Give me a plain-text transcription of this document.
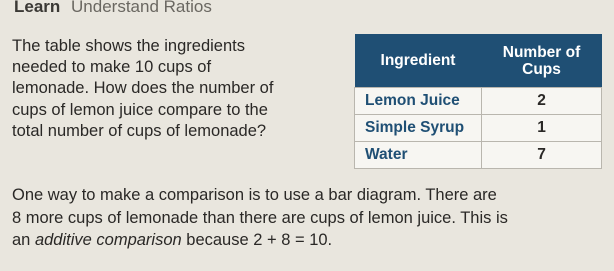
Learn Understand Ratios

The table shows the ingredients
needed to make 10 cups of
lemonade. How does the number of
cups of lemon juice compare to the
total number of cups of lemonade?

Ingredient	Number of
Cups
Lemon Juice	2
Simple Syrup	1
Water	7

One way to make a comparison is to use a bar diagram. There are
8 more cups of lemonade than there are cups of lemon juice. This is
an additive comparison because 2 + 8 = 10.
